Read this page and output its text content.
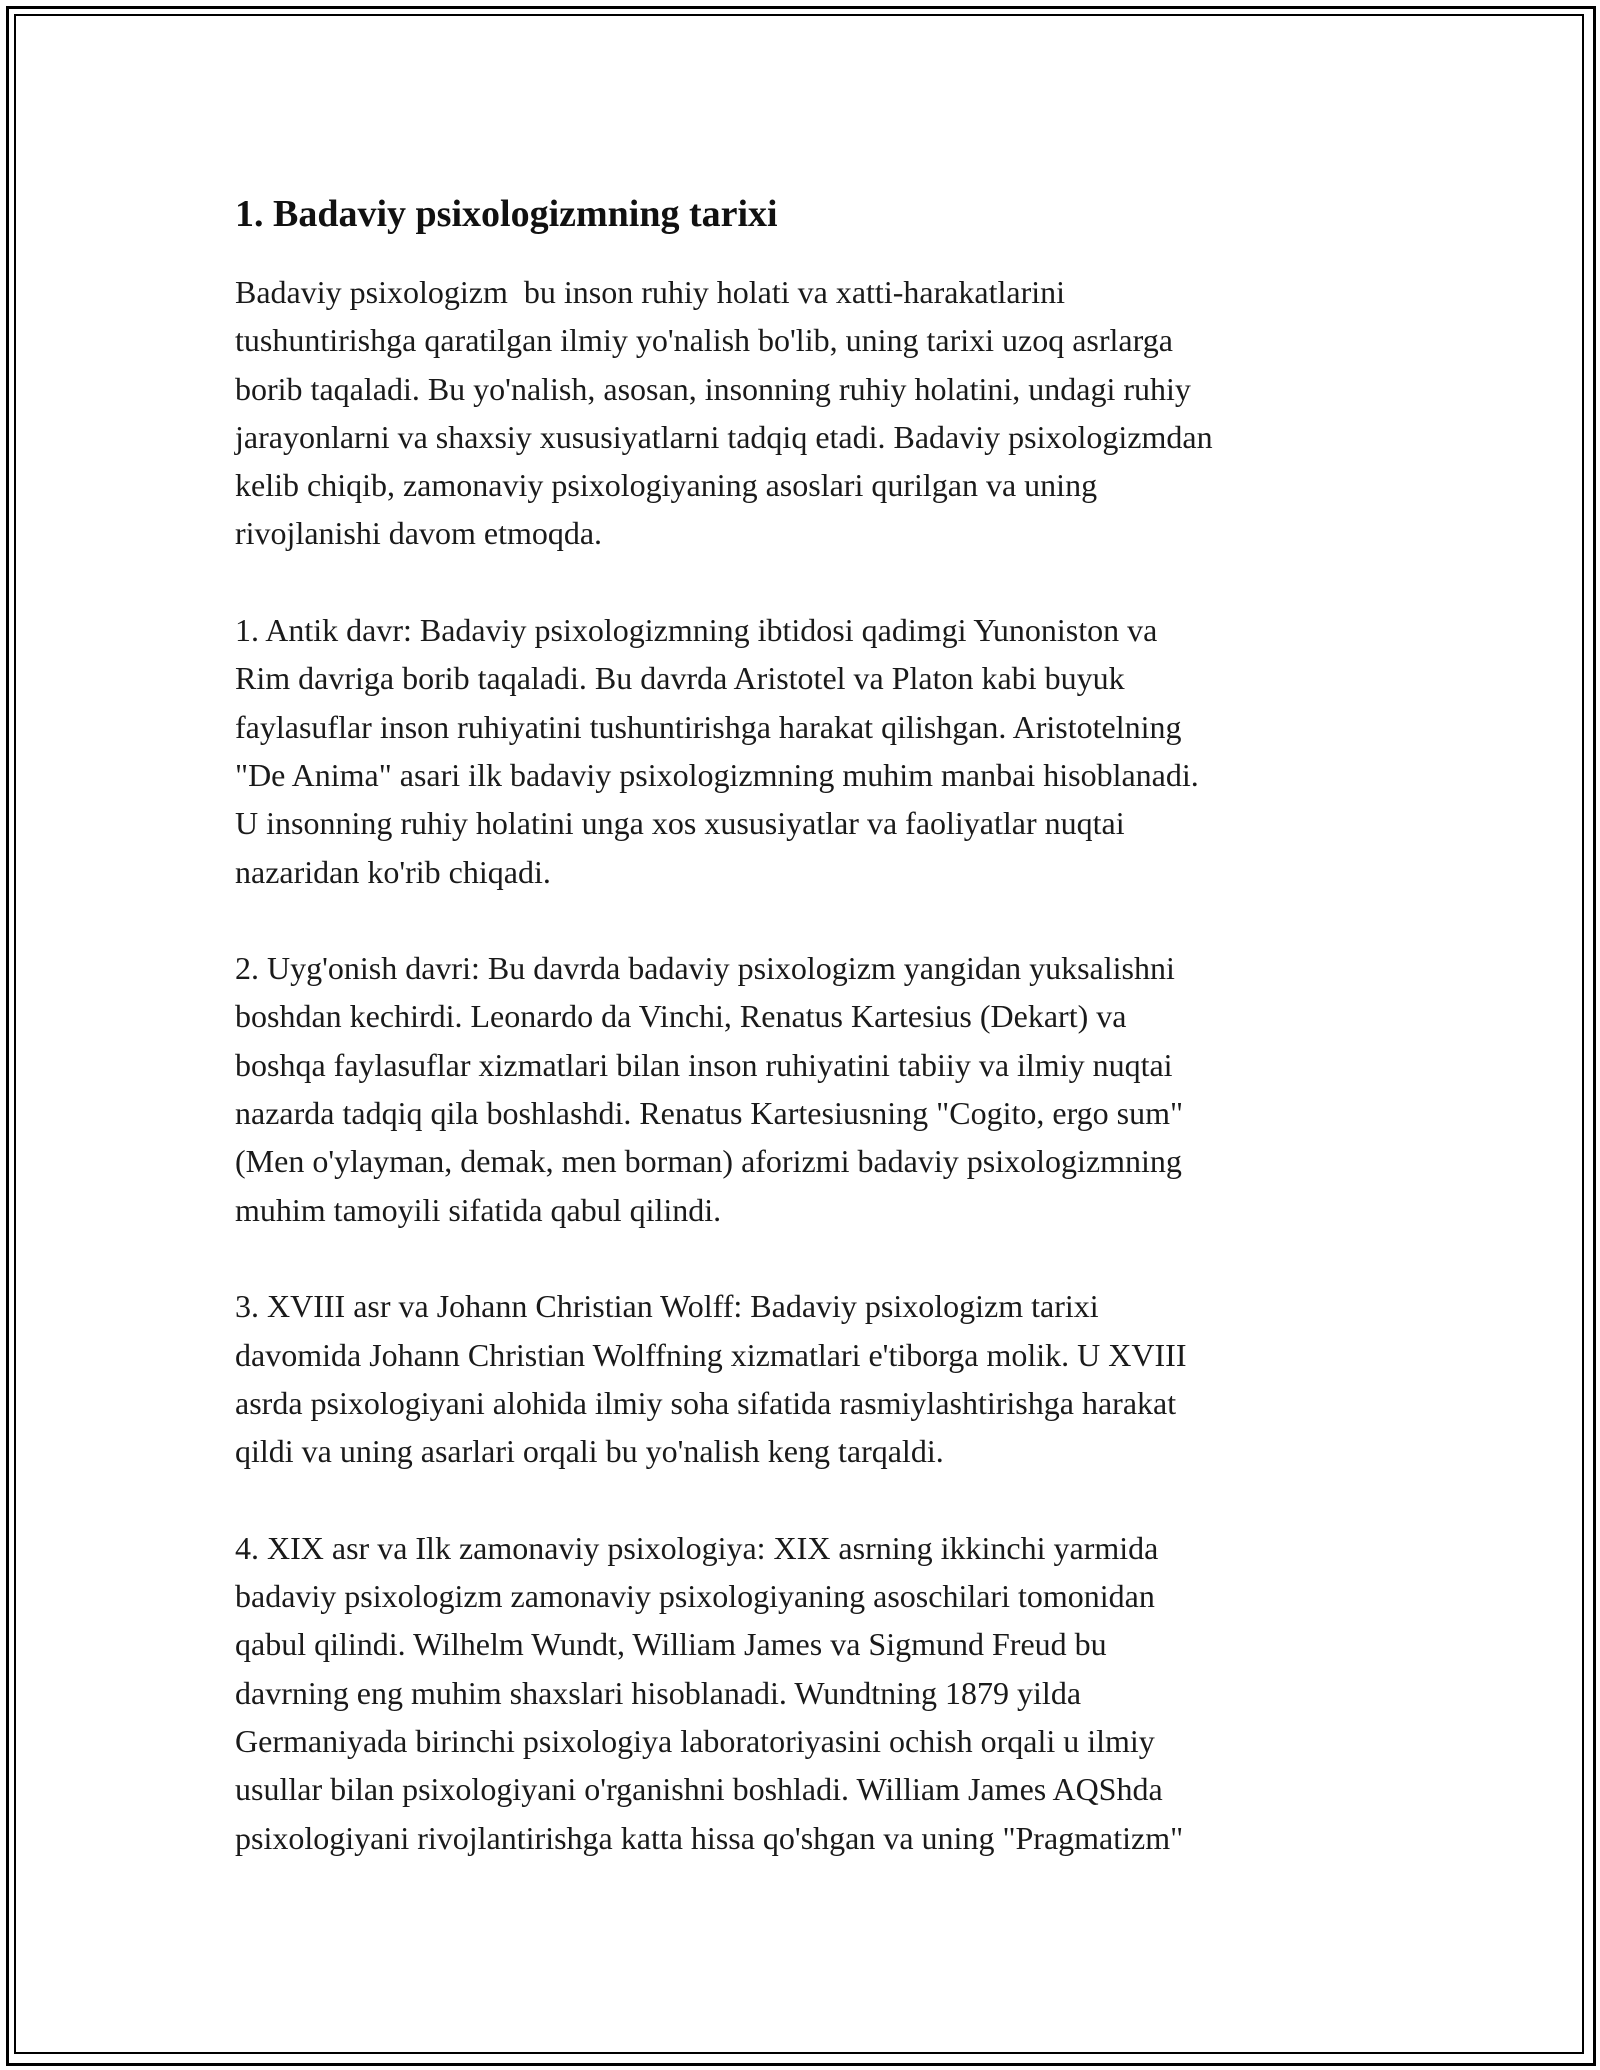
1. Badaviy psixologizmning tarixi
Badaviy psixologizm  bu inson ruhiy holati va xatti-harakatlarini
tushuntirishga qaratilgan ilmiy yo'nalish bo'lib, uning tarixi uzoq asrlarga
borib taqaladi. Bu yo'nalish, asosan, insonning ruhiy holatini, undagi ruhiy
jarayonlarni va shaxsiy xususiyatlarni tadqiq etadi. Badaviy psixologizmdan
kelib chiqib, zamonaviy psixologiyaning asoslari qurilgan va uning
rivojlanishi davom etmoqda.
1. Antik davr: Badaviy psixologizmning ibtidosi qadimgi Yunoniston va
Rim davriga borib taqaladi. Bu davrda Aristotel va Platon kabi buyuk
faylasuflar inson ruhiyatini tushuntirishga harakat qilishgan. Aristotelning
"De Anima" asari ilk badaviy psixologizmning muhim manbai hisoblanadi.
U insonning ruhiy holatini unga xos xususiyatlar va faoliyatlar nuqtai
nazaridan ko'rib chiqadi.
2. Uyg'onish davri: Bu davrda badaviy psixologizm yangidan yuksalishni
boshdan kechirdi. Leonardo da Vinchi, Renatus Kartesius (Dekart) va
boshqa faylasuflar xizmatlari bilan inson ruhiyatini tabiiy va ilmiy nuqtai
nazarda tadqiq qila boshlashdi. Renatus Kartesiusning "Cogito, ergo sum"
(Men o'ylayman, demak, men borman) aforizmi badaviy psixologizmning
muhim tamoyili sifatida qabul qilindi.
3. XVIII asr va Johann Christian Wolff: Badaviy psixologizm tarixi
davomida Johann Christian Wolffning xizmatlari e'tiborga molik. U XVIII
asrda psixologiyani alohida ilmiy soha sifatida rasmiylashtirishga harakat
qildi va uning asarlari orqali bu yo'nalish keng tarqaldi.
4. XIX asr va Ilk zamonaviy psixologiya: XIX asrning ikkinchi yarmida
badaviy psixologizm zamonaviy psixologiyaning asoschilari tomonidan
qabul qilindi. Wilhelm Wundt, William James va Sigmund Freud bu
davrning eng muhim shaxslari hisoblanadi. Wundtning 1879 yilda
Germaniyada birinchi psixologiya laboratoriyasini ochish orqali u ilmiy
usullar bilan psixologiyani o'rganishni boshladi. William James AQShda
psixologiyani rivojlantirishga katta hissa qo'shgan va uning "Pragmatizm"
